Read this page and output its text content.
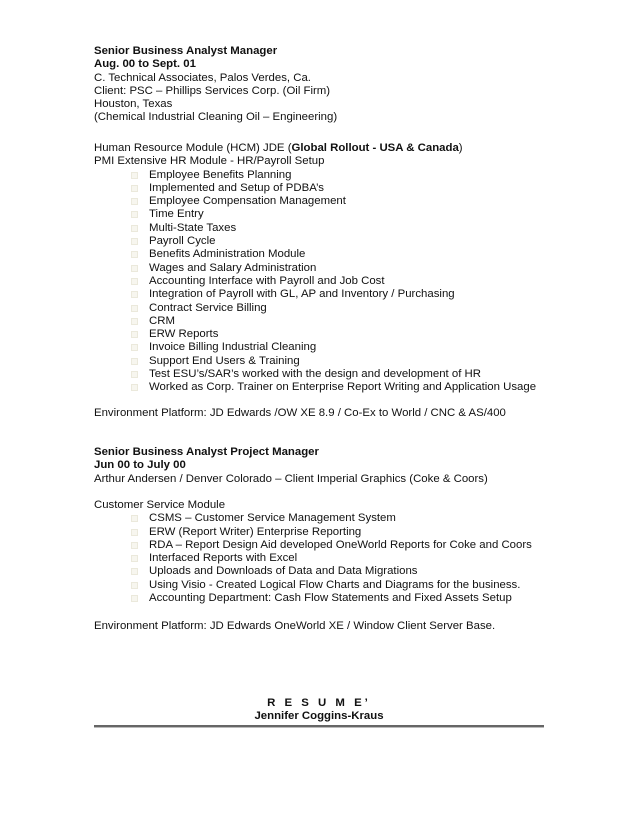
Senior Business Analyst Manager

Aug. 00 to Sept. 01

C. Technical Associates, Palos Verdes, Ca.

Client: PSC – Phillips Services Corp. (Oil Firm)

Houston, Texas

(Chemical Industrial Cleaning Oil – Engineering)

Human Resource Module (HCM) JDE (Global Rollout - USA & Canada)

PMI Extensive HR Module - HR/Payroll Setup

Employee Benefits Planning
Implemented and Setup of PDBA’s
Employee Compensation Management
Time Entry
Multi-State Taxes
Payroll Cycle
Benefits Administration Module
Wages and Salary Administration
Accounting Interface with Payroll and Job Cost
Integration of Payroll with GL, AP and Inventory / Purchasing
Contract Service Billing
CRM
ERW Reports
Invoice Billing Industrial Cleaning
Support End Users & Training
Test ESU’s/SAR’s worked with the design and development of HR
Worked as Corp. Trainer on Enterprise Report Writing and Application Usage

Environment Platform: JD Edwards /OW XE 8.9 / Co-Ex to World / CNC & AS/400

Senior Business Analyst Project Manager

Jun 00 to July 00

Arthur Andersen / Denver Colorado – Client Imperial Graphics (Coke & Coors)

Customer Service Module

CSMS – Customer Service Management System
ERW (Report Writer) Enterprise Reporting
RDA – Report Design Aid developed OneWorld Reports for Coke and Coors
Interfaced Reports with Excel
Uploads and Downloads of Data and Data Migrations
Using Visio - Created Logical Flow Charts and Diagrams for the business.
Accounting Department: Cash Flow Statements and Fixed Assets Setup

Environment Platform: JD Edwards OneWorld XE / Window Client Server Base.

R E S U M E’

Jennifer Coggins-Kraus
